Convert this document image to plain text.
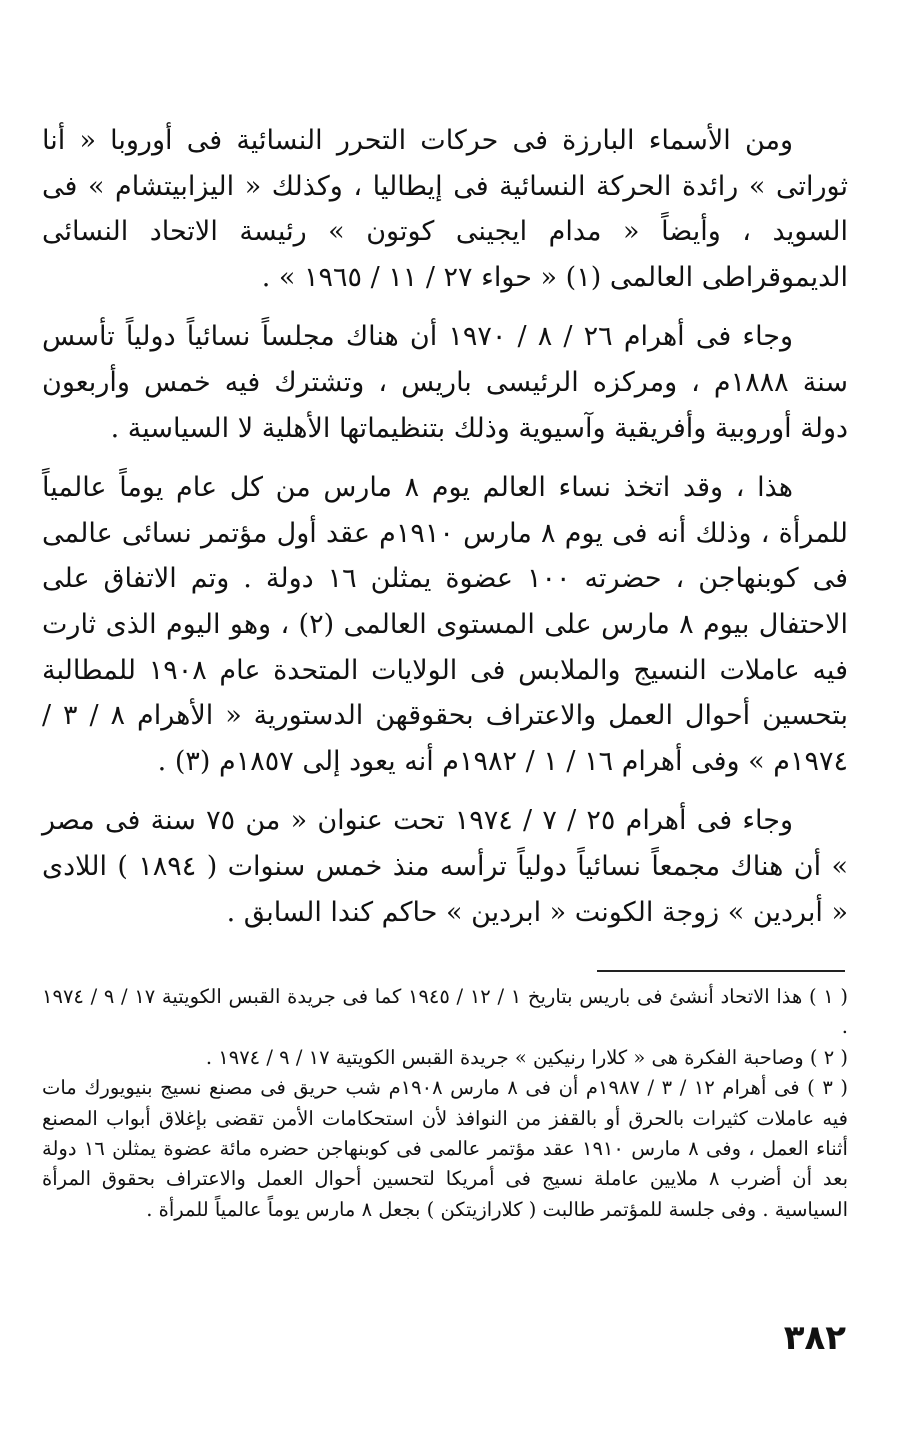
ومن الأسماء البارزة فى حركات التحرر النسائية فى أوروبا « أنا ثوراتى » رائدة الحركة النسائية فى إيطاليا ، وكذلك « اليزابيتشام » فى السويد ، وأيضاً « مدام ايجينى كوتون » رئيسة الاتحاد النسائى الديموقراطى العالمى (١) « حواء ٢٧ / ١١ / ١٩٦٥ » .

وجاء فى أهرام ٢٦ / ٨ / ١٩٧٠ أن هناك مجلساً نسائياً دولياً تأسس سنة ١٨٨٨م ، ومركزه الرئيسى باريس ، وتشترك فيه خمس وأربعون دولة أوروبية وأفريقية وآسيوية وذلك بتنظيماتها الأهلية لا السياسية .

هذا ، وقد اتخذ نساء العالم يوم ٨ مارس من كل عام يوماً عالمياً للمرأة ، وذلك أنه فى يوم ٨ مارس ١٩١٠م عقد أول مؤتمر نسائى عالمى فى كوبنهاجن ، حضرته ١٠٠ عضوة يمثلن ١٦ دولة . وتم الاتفاق على الاحتفال بيوم ٨ مارس على المستوى العالمى (٢) ، وهو اليوم الذى ثارت فيه عاملات النسيج والملابس فى الولايات المتحدة عام ١٩٠٨ للمطالبة بتحسين أحوال العمل والاعتراف بحقوقهن الدستورية « الأهرام ٨ / ٣ / ١٩٧٤م » وفى أهرام ١٦ / ١ / ١٩٨٢م أنه يعود إلى ١٨٥٧م (٣) .

وجاء فى أهرام ٢٥ / ٧ / ١٩٧٤ تحت عنوان « من ٧٥ سنة فى مصر » أن هناك مجمعاً نسائياً دولياً ترأسه منذ خمس سنوات ( ١٨٩٤ ) اللادى « أبردين » زوجة الكونت « ابردين » حاكم كندا السابق .

( ١ ) هذا الاتحاد أنشئ فى باريس بتاريخ ١ / ١٢ / ١٩٤٥ كما فى جريدة القبس الكويتية ١٧ / ٩ / ١٩٧٤ .

( ٢ ) وصاحبة الفكرة هى « كلارا رنيكين » جريدة القبس الكويتية ١٧ / ٩ / ١٩٧٤ .

( ٣ ) فى أهرام ١٢ / ٣ / ١٩٨٧م أن فى ٨ مارس ١٩٠٨م شب حريق فى مصنع نسيج بنيويورك مات فيه عاملات كثيرات بالحرق أو بالقفز من النوافذ لأن استحكامات الأمن تقضى بإغلاق أبواب المصنع أثناء العمل ، وفى ٨ مارس ١٩١٠ عقد مؤتمر عالمى فى كوبنهاجن حضره مائة عضوة يمثلن ١٦ دولة بعد أن أضرب ٨ ملايين عاملة نسيج فى أمريكا لتحسين أحوال العمل والاعتراف بحقوق المرأة السياسية . وفى جلسة للمؤتمر طالبت ( كلارازيتكن ) بجعل ٨ مارس يوماً عالمياً للمرأة .

٣٨٢
